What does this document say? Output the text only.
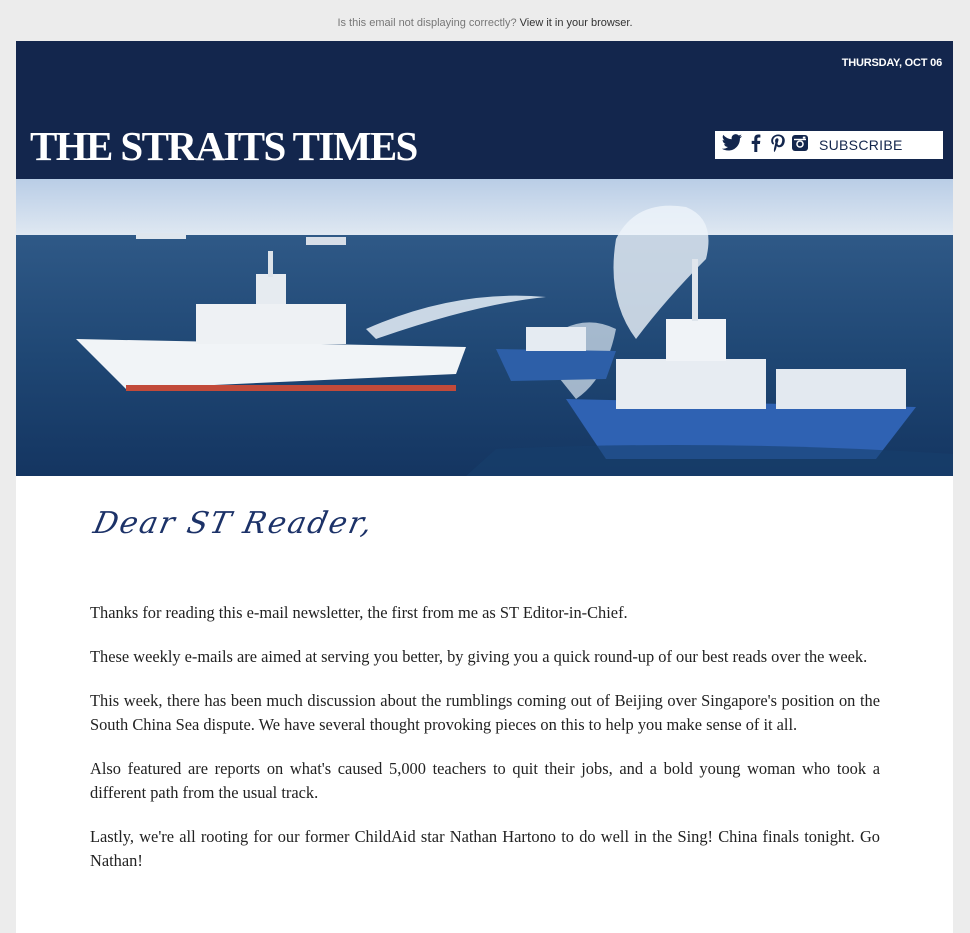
Is this email not displaying correctly? View it in your browser.
THURSDAY, OCT 06
THE STRAITS TIMES	SUBSCRIBE
Dear ST Reader,

Thanks for reading this e-mail newsletter, the first from me as ST Editor-in-Chief.

These weekly e-mails are aimed at serving you better, by giving you a quick round-up of our best reads over the week.

This week, there has been much discussion about the rumblings coming out of Beijing over Singapore's position on the South China Sea dispute. We have several thought provoking pieces on this to help you make sense of it all.

Also featured are reports on what's caused 5,000 teachers to quit their jobs, and a bold young woman who took a different path from the usual track.

Lastly, we're all rooting for our former ChildAid star Nathan Hartono to do well in the Sing! China finals tonight. Go Nathan!
